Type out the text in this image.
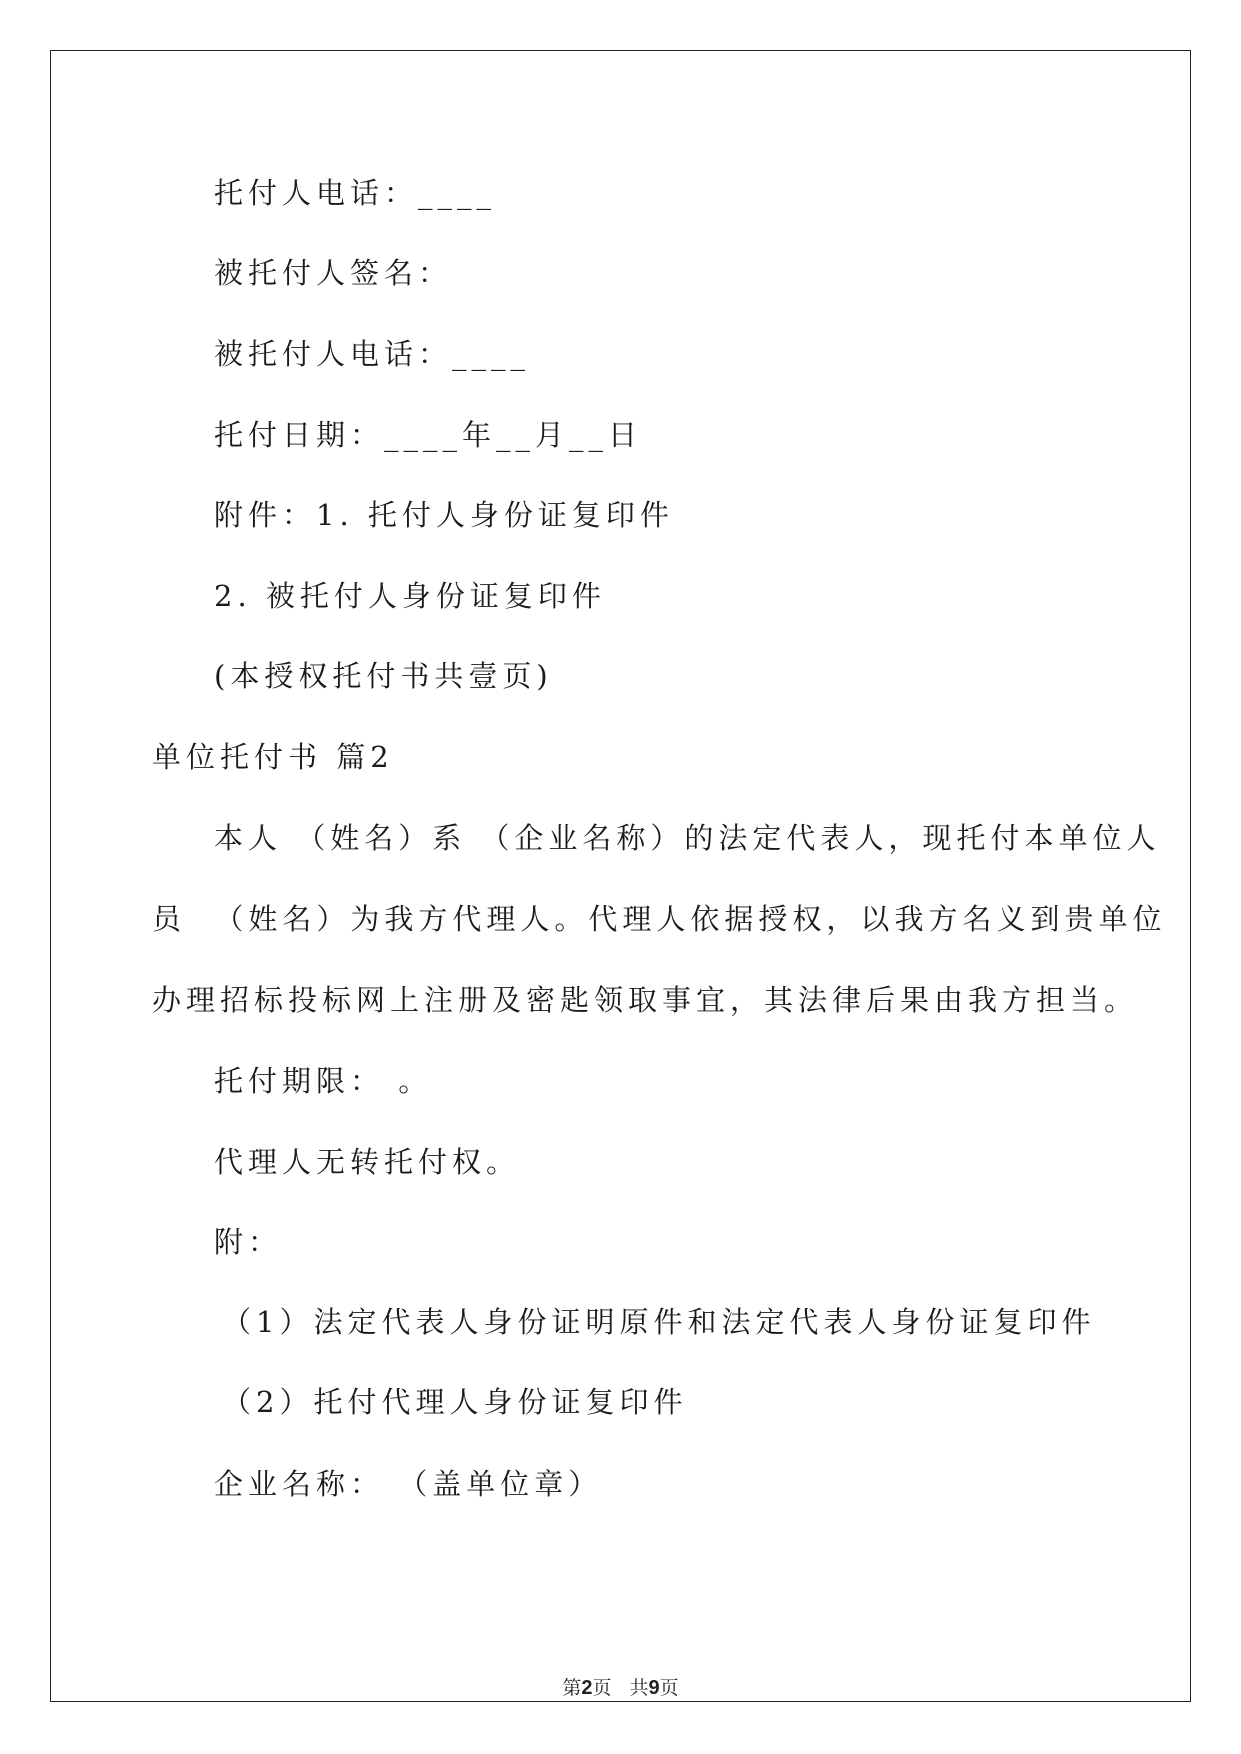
托付人电话：____
被托付人签名：
被托付人电话：____
托付日期：____年__月__日
附件：1. 托付人身份证复印件
2. 被托付人身份证复印件
(本授权托付书共壹页)
单位托付书 篇2
本人 （姓名）系 （企业名称）的法定代表人，现托付本单位人
员  （姓名）为我方代理人。代理人依据授权，以我方名义到贵单位
办理招标投标网上注册及密匙领取事宜，其法律后果由我方担当。
托付期限： 。
代理人无转托付权。
附：
（1）法定代表人身份证明原件和法定代表人身份证复印件
（2）托付代理人身份证复印件
企业名称： （盖单位章）
第2页 共9页
